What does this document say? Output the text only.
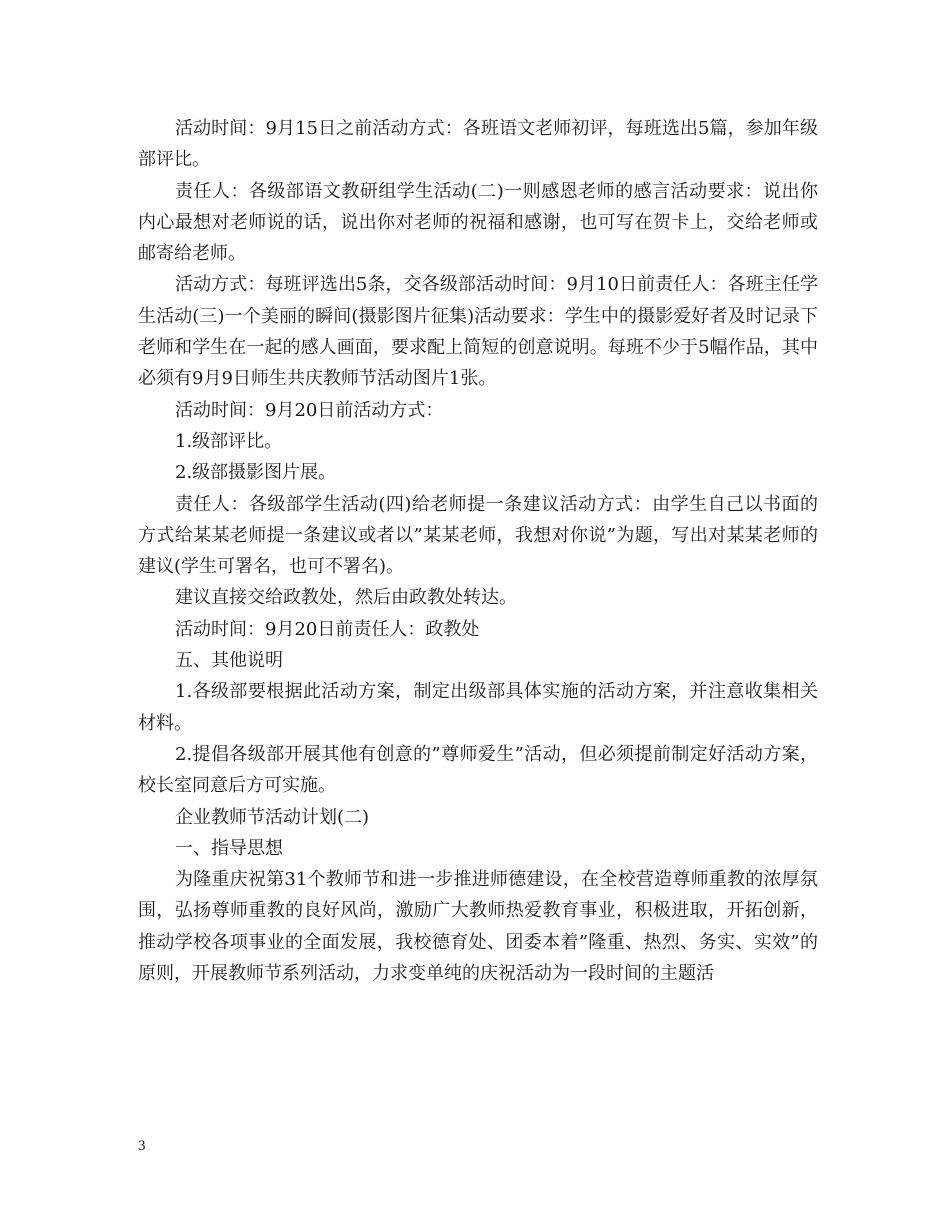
活动时间：9月15日之前活动方式：各班语文老师初评，每班选出5篇，参加年级部评比。

责任人：各级部语文教研组学生活动(二)一则感恩老师的感言活动要求：说出你内心最想对老师说的话，说出你对老师的祝福和感谢，也可写在贺卡上，交给老师或邮寄给老师。

活动方式：每班评选出5条，交各级部活动时间：9月10日前责任人：各班主任学生活动(三)一个美丽的瞬间(摄影图片征集)活动要求：学生中的摄影爱好者及时记录下老师和学生在一起的感人画面，要求配上简短的创意说明。每班不少于5幅作品，其中必须有9月9日师生共庆教师节活动图片1张。

活动时间：9月20日前活动方式：

1.级部评比。

2.级部摄影图片展。

责任人：各级部学生活动(四)给老师提一条建议活动方式：由学生自己以书面的方式给某某老师提一条建议或者以”某某老师，我想对你说”为题，写出对某某老师的建议(学生可署名，也可不署名)。

建议直接交给政教处，然后由政教处转达。

活动时间：9月20日前责任人：政教处

五、其他说明

1.各级部要根据此活动方案，制定出级部具体实施的活动方案，并注意收集相关材料。

2.提倡各级部开展其他有创意的”尊师爱生”活动，但必须提前制定好活动方案，校长室同意后方可实施。

企业教师节活动计划(二)

一、指导思想

为隆重庆祝第31个教师节和进一步推进师德建设，在全校营造尊师重教的浓厚氛围，弘扬尊师重教的良好风尚，激励广大教师热爱教育事业，积极进取，开拓创新，推动学校各项事业的全面发展，我校德育处、团委本着”隆重、热烈、务实、实效”的原则，开展教师节系列活动，力求变单纯的庆祝活动为一段时间的主题活

3
